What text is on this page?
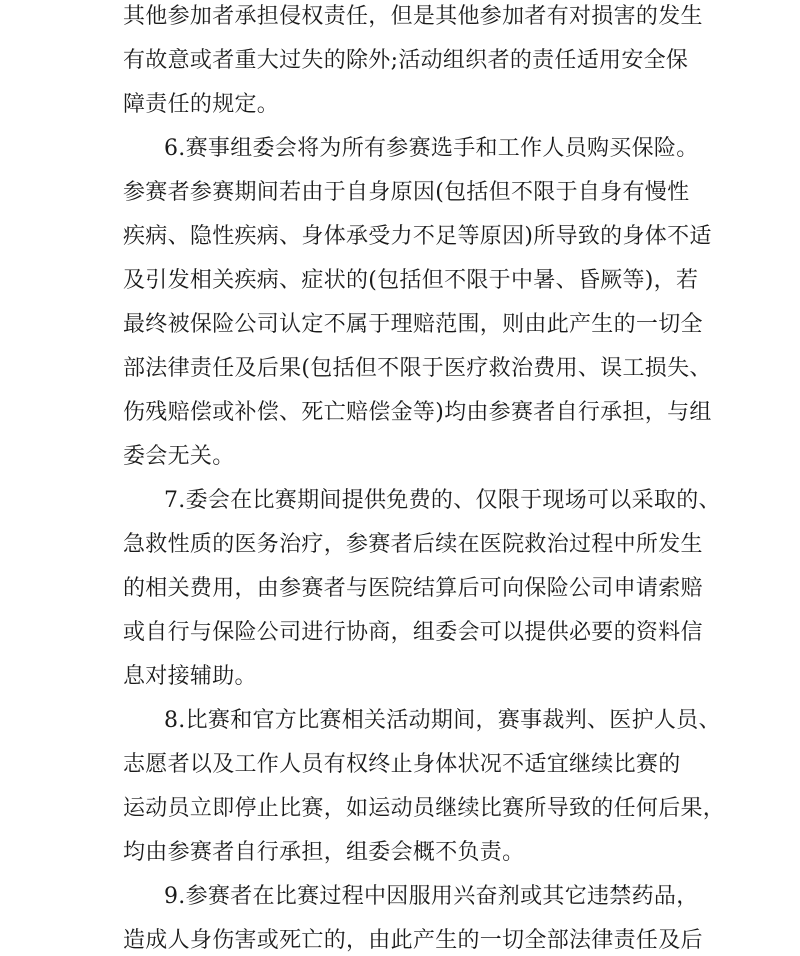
其他参加者承担侵权责任，但是其他参加者有对损害的发生
有故意或者重大过失的除外;活动组织者的责任适用安全保
障责任的规定。
6.赛事组委会将为所有参赛选手和工作人员购买保险。
参赛者参赛期间若由于自身原因(包括但不限于自身有慢性
疾病、隐性疾病、身体承受力不足等原因)所导致的身体不适
及引发相关疾病、症状的(包括但不限于中暑、昏厥等)，若
最终被保险公司认定不属于理赔范围，则由此产生的一切全
部法律责任及后果(包括但不限于医疗救治费用、误工损失、
伤残赔偿或补偿、死亡赔偿金等)均由参赛者自行承担，与组
委会无关。
7.委会在比赛期间提供免费的、仅限于现场可以采取的、
急救性质的医务治疗，参赛者后续在医院救治过程中所发生
的相关费用，由参赛者与医院结算后可向保险公司申请索赔
或自行与保险公司进行协商，组委会可以提供必要的资料信
息对接辅助。
8.比赛和官方比赛相关活动期间，赛事裁判、医护人员、
志愿者以及工作人员有权终止身体状况不适宜继续比赛的
运动员立即停止比赛，如运动员继续比赛所导致的任何后果，
均由参赛者自行承担，组委会概不负责。
9.参赛者在比赛过程中因服用兴奋剂或其它违禁药品，
造成人身伤害或死亡的，由此产生的一切全部法律责任及后
